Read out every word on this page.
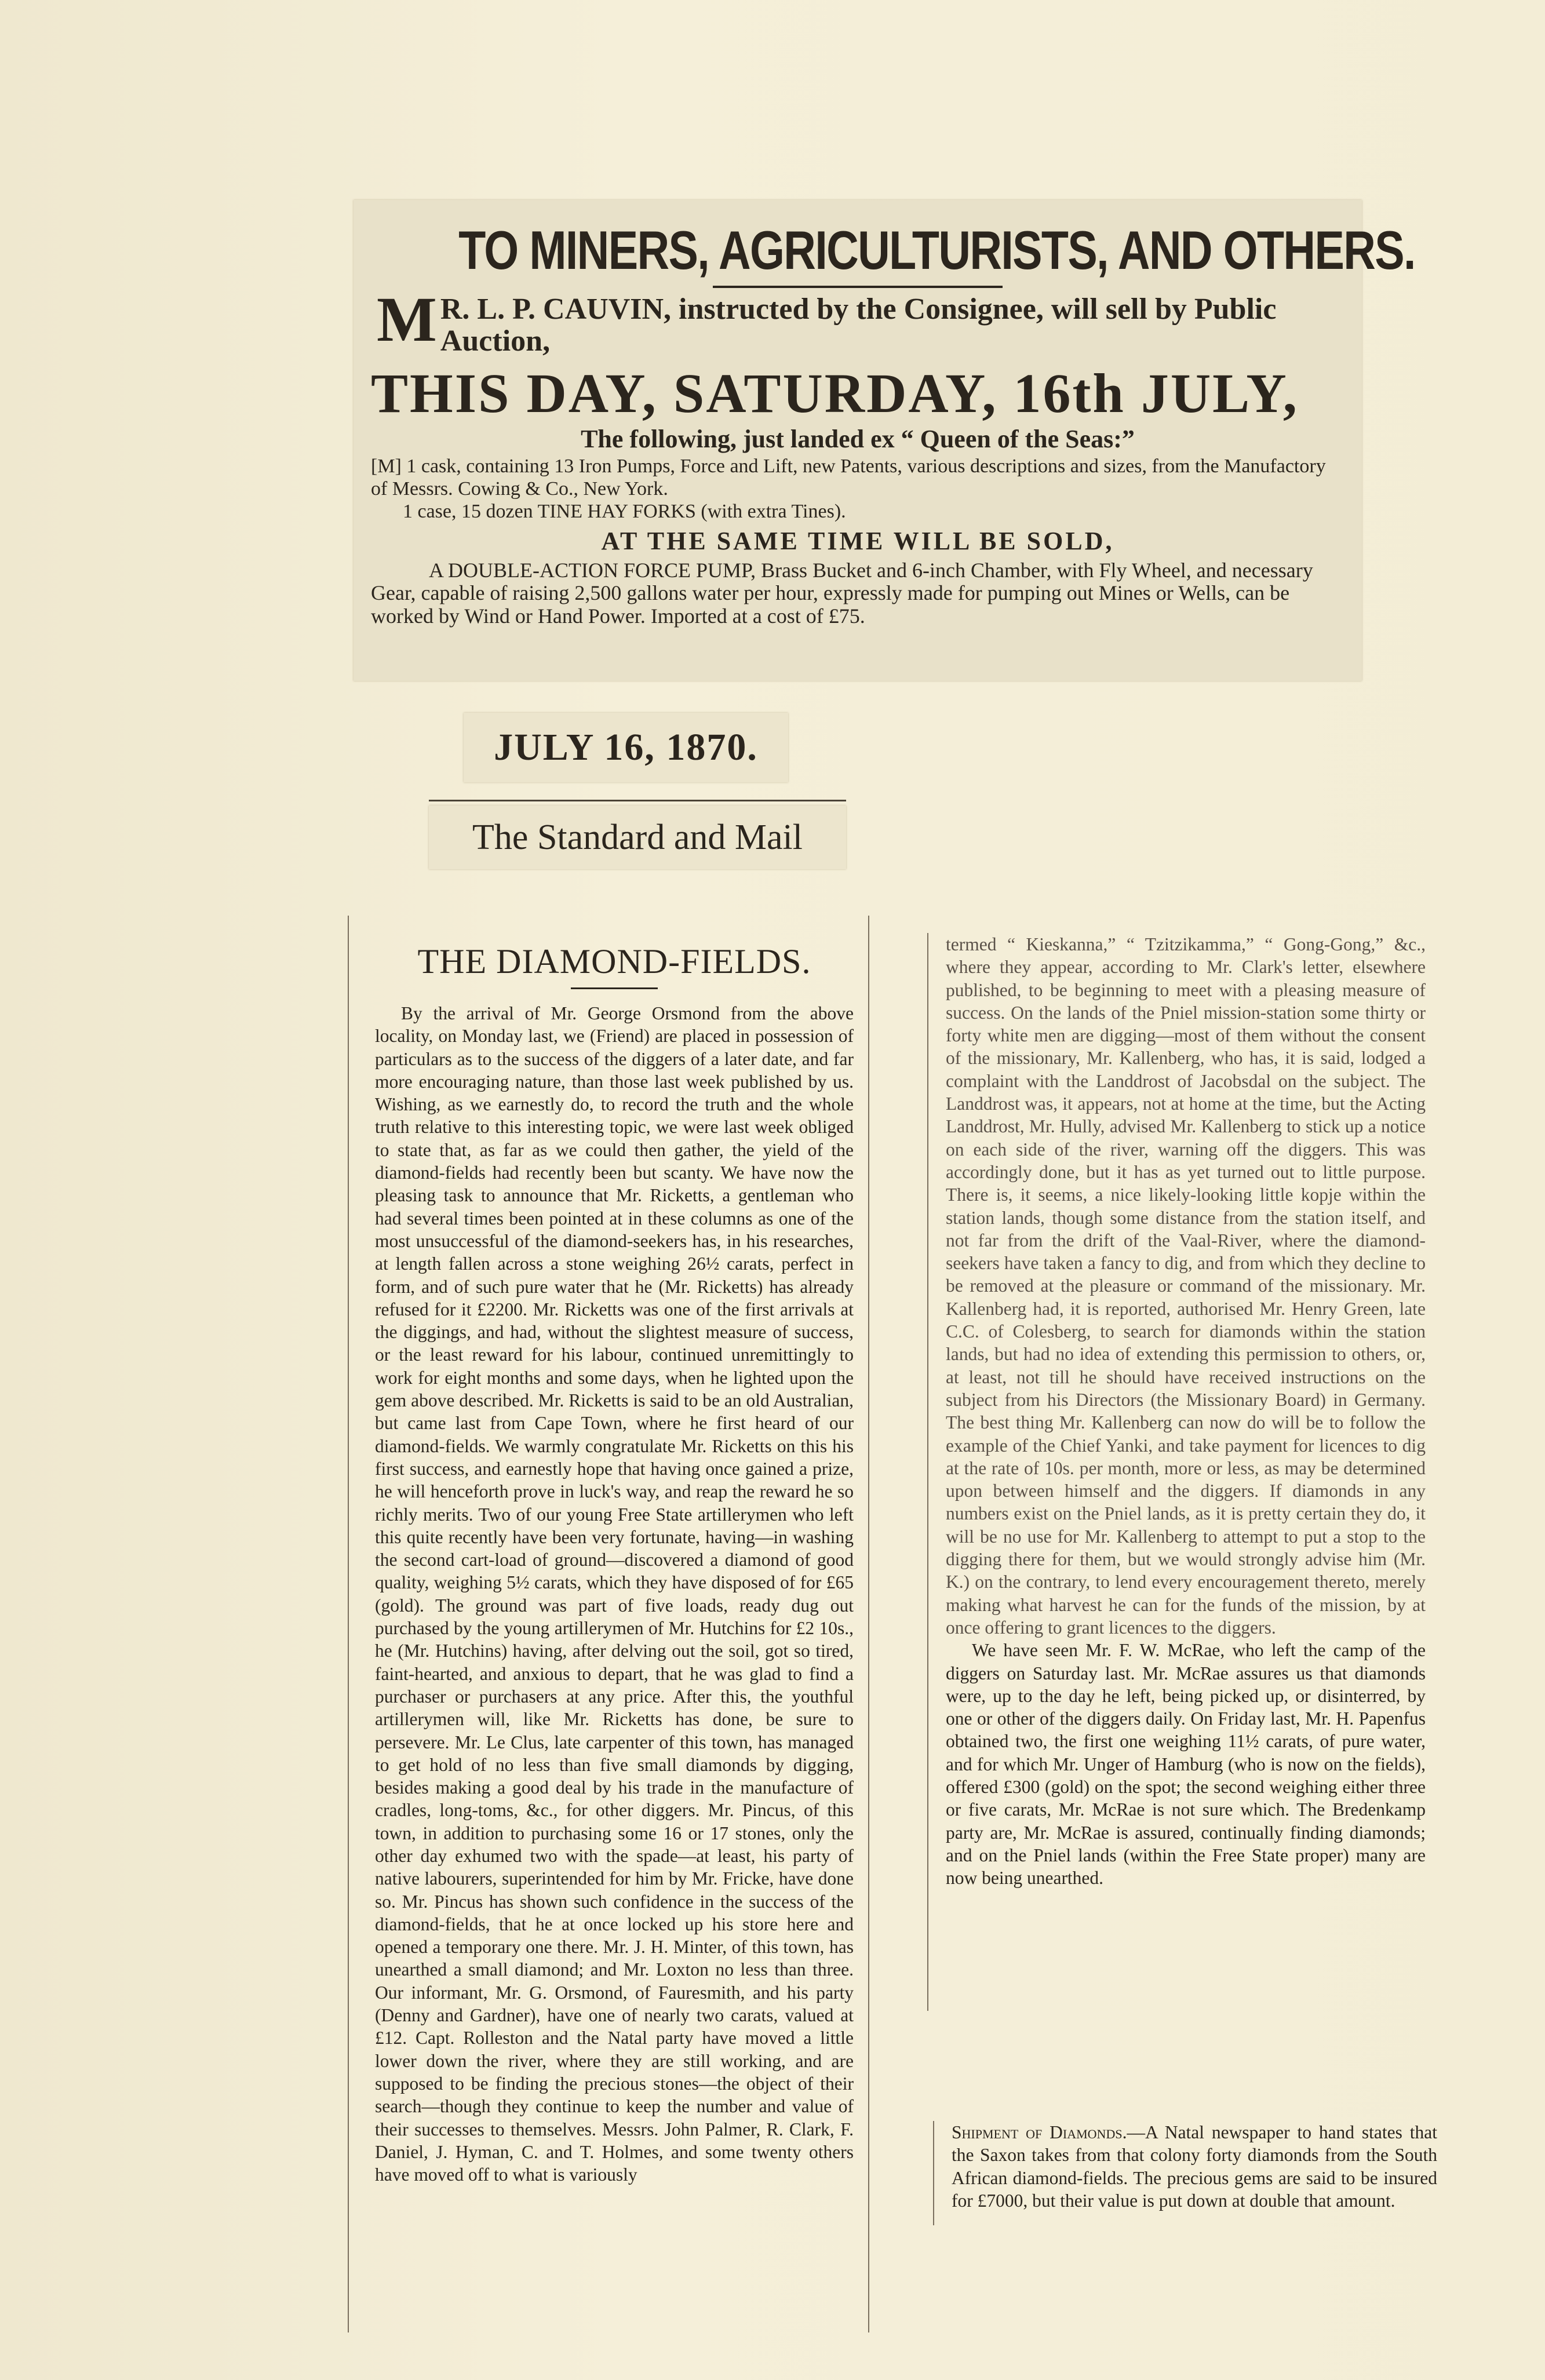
TO MINERS, AGRICULTURISTS, AND OTHERS.
M R. L. P. CAUVIN, instructed by the Consignee, will sell by Public Auction,
THIS DAY, SATURDAY, 16th JULY,
The following, just landed ex “ Queen of the Seas:”
[M] 1 cask, containing 13 Iron Pumps, Force and Lift, new Patents, various descriptions and sizes, from the Manufactory of Messrs. Cowing & Co., New York.
1 case, 15 dozen TINE HAY FORKS (with extra Tines).
AT THE SAME TIME WILL BE SOLD,
A DOUBLE-ACTION FORCE PUMP, Brass Bucket and 6-inch Chamber, with Fly Wheel, and necessary Gear, capable of raising 2,500 gallons water per hour, expressly made for pumping out Mines or Wells, can be worked by Wind or Hand Power. Imported at a cost of £75.
JULY 16, 1870.
The Standard and Mail
THE DIAMOND-FIELDS.

By the arrival of Mr. George Orsmond from the above locality, on Monday last, we (Friend) are placed in possession of particulars as to the success of the diggers of a later date, and far more encouraging nature, than those last week published by us. Wishing, as we earnestly do, to record the truth and the whole truth relative to this interesting topic, we were last week obliged to state that, as far as we could then gather, the yield of the diamond-fields had recently been but scanty. We have now the pleasing task to announce that Mr. Ricketts, a gentleman who had several times been pointed at in these columns as one of the most unsuccessful of the diamond-seekers has, in his researches, at length fallen across a stone weighing 26½ carats, perfect in form, and of such pure water that he (Mr. Ricketts) has already refused for it £2200. Mr. Ricketts was one of the first arrivals at the diggings, and had, without the slightest measure of success, or the least reward for his labour, continued unremittingly to work for eight months and some days, when he lighted upon the gem above described. Mr. Ricketts is said to be an old Australian, but came last from Cape Town, where he first heard of our diamond-fields. We warmly congratulate Mr. Ricketts on this his first success, and earnestly hope that having once gained a prize, he will henceforth prove in luck's way, and reap the reward he so richly merits. Two of our young Free State artillerymen who left this quite recently have been very fortunate, having—in washing the second cart-load of ground—discovered a diamond of good quality, weighing 5½ carats, which they have disposed of for £65 (gold). The ground was part of five loads, ready dug out purchased by the young artillerymen of Mr. Hutchins for £2 10s., he (Mr. Hutchins) having, after delving out the soil, got so tired, faint-hearted, and anxious to depart, that he was glad to find a purchaser or purchasers at any price. After this, the youthful artillerymen will, like Mr. Ricketts has done, be sure to persevere. Mr. Le Clus, late carpenter of this town, has managed to get hold of no less than five small diamonds by digging, besides making a good deal by his trade in the manufacture of cradles, long-toms, &c., for other diggers. Mr. Pincus, of this town, in addition to purchasing some 16 or 17 stones, only the other day exhumed two with the spade—at least, his party of native labourers, superintended for him by Mr. Fricke, have done so. Mr. Pincus has shown such confidence in the success of the diamond-fields, that he at once locked up his store here and opened a temporary one there. Mr. J. H. Minter, of this town, has unearthed a small diamond; and Mr. Loxton no less than three. Our informant, Mr. G. Orsmond, of Fauresmith, and his party (Denny and Gardner), have one of nearly two carats, valued at £12. Capt. Rolleston and the Natal party have moved a little lower down the river, where they are still working, and are supposed to be finding the precious stones—the object of their search—though they continue to keep the number and value of their successes to themselves. Messrs. John Palmer, R. Clark, F. Daniel, J. Hyman, C. and T. Holmes, and some twenty others have moved off to what is variously

termed “ Kieskanna,” “ Tzitzikamma,” “ Gong-Gong,” &c., where they appear, according to Mr. Clark's letter, elsewhere published, to be beginning to meet with a pleasing measure of success. On the lands of the Pniel mission-station some thirty or forty white men are digging—most of them without the consent of the missionary, Mr. Kallenberg, who has, it is said, lodged a complaint with the Landdrost of Jacobsdal on the subject. The Landdrost was, it appears, not at home at the time, but the Acting Landdrost, Mr. Hully, advised Mr. Kallenberg to stick up a notice on each side of the river, warning off the diggers. This was accordingly done, but it has as yet turned out to little purpose. There is, it seems, a nice likely-looking little kopje within the station lands, though some distance from the station itself, and not far from the drift of the Vaal-River, where the diamond-seekers have taken a fancy to dig, and from which they decline to be removed at the pleasure or command of the missionary. Mr. Kallenberg had, it is reported, authorised Mr. Henry Green, late C.C. of Colesberg, to search for diamonds within the station lands, but had no idea of extending this permission to others, or, at least, not till he should have received instructions on the subject from his Directors (the Missionary Board) in Germany. The best thing Mr. Kallenberg can now do will be to follow the example of the Chief Yanki, and take payment for licences to dig at the rate of 10s. per month, more or less, as may be determined upon between himself and the diggers. If diamonds in any numbers exist on the Pniel lands, as it is pretty certain they do, it will be no use for Mr. Kallenberg to attempt to put a stop to the digging there for them, but we would strongly advise him (Mr. K.) on the contrary, to lend every encouragement thereto, merely making what harvest he can for the funds of the mission, by at once offering to grant licences to the diggers.

We have seen Mr. F. W. McRae, who left the camp of the diggers on Saturday last. Mr. McRae assures us that diamonds were, up to the day he left, being picked up, or disinterred, by one or other of the diggers daily. On Friday last, Mr. H. Papenfus obtained two, the first one weighing 11½ carats, of pure water, and for which Mr. Unger of Hamburg (who is now on the fields), offered £300 (gold) on the spot; the second weighing either three or five carats, Mr. McRae is not sure which. The Bredenkamp party are, Mr. McRae is assured, continually finding diamonds; and on the Pniel lands (within the Free State proper) many are now being unearthed.

Shipment of Diamonds.—A Natal newspaper to hand states that the Saxon takes from that colony forty diamonds from the South African diamond-fields. The precious gems are said to be insured for £7000, but their value is put down at double that amount.
